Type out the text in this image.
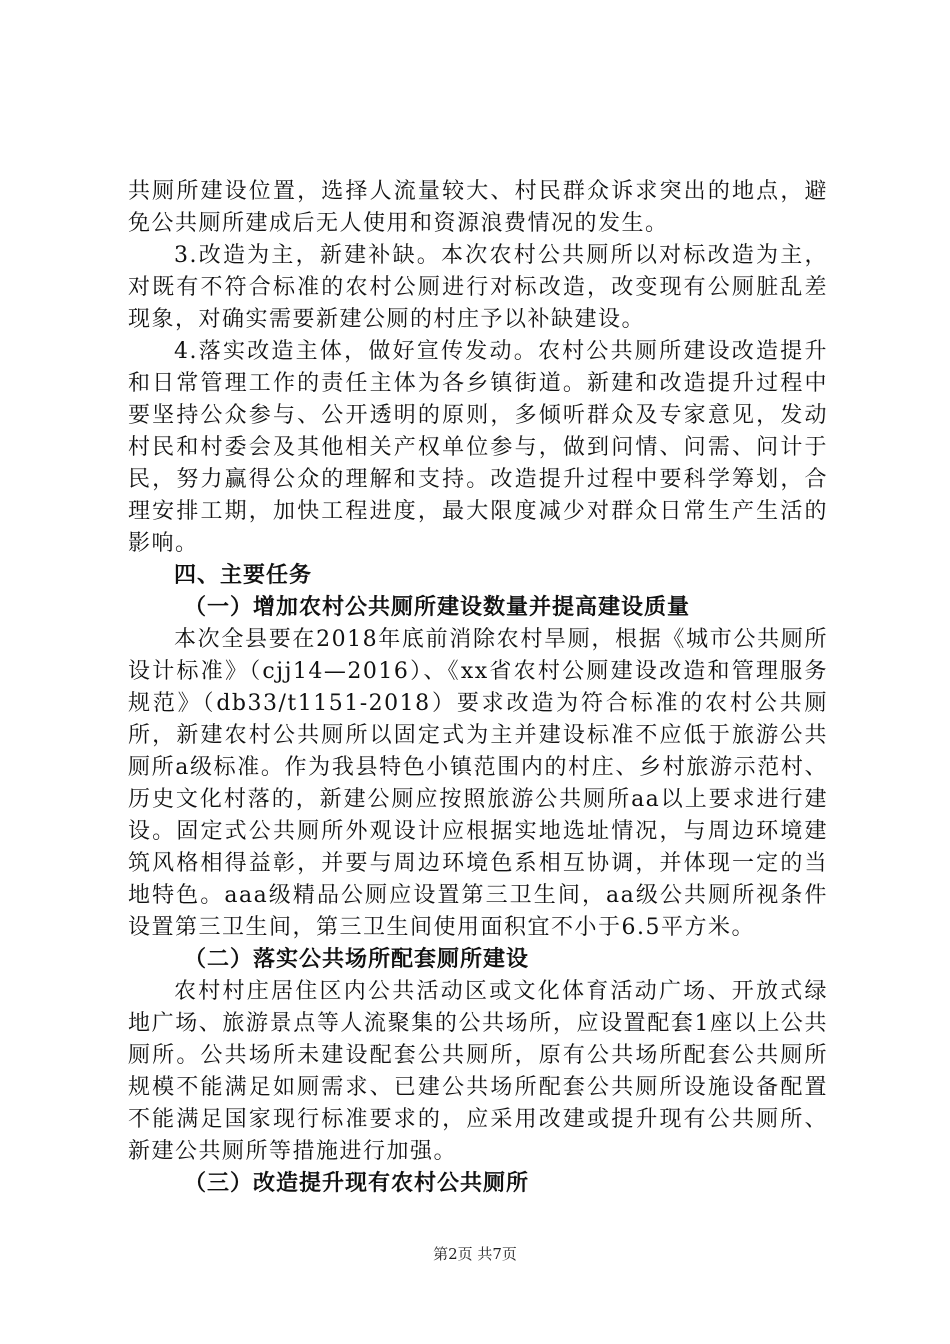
共厕所建设位置，选择人流量较大、村民群众诉求突出的地点，避免公共厕所建成后无人使用和资源浪费情况的发生。

3.改造为主，新建补缺。本次农村公共厕所以对标改造为主，对既有不符合标准的农村公厕进行对标改造，改变现有公厕脏乱差现象，对确实需要新建公厕的村庄予以补缺建设。

4.落实改造主体，做好宣传发动。农村公共厕所建设改造提升和日常管理工作的责任主体为各乡镇街道。新建和改造提升过程中要坚持公众参与、公开透明的原则，多倾听群众及专家意见，发动村民和村委会及其他相关产权单位参与，做到问情、问需、问计于民，努力赢得公众的理解和支持。改造提升过程中要科学筹划，合理安排工期，加快工程进度，最大限度减少对群众日常生产生活的影响。

四、主要任务

（一）增加农村公共厕所建设数量并提高建设质量

本次全县要在2018年底前消除农村旱厕，根据《城市公共厕所设计标准》（cjj14—2016）、《xx省农村公厕建设改造和管理服务规范》（db33/t1151-2018）要求改造为符合标准的农村公共厕所，新建农村公共厕所以固定式为主并建设标准不应低于旅游公共厕所a级标准。作为我县特色小镇范围内的村庄、乡村旅游示范村、历史文化村落的，新建公厕应按照旅游公共厕所aa以上要求进行建设。固定式公共厕所外观设计应根据实地选址情况，与周边环境建筑风格相得益彰，并要与周边环境色系相互协调，并体现一定的当地特色。aaa级精品公厕应设置第三卫生间，aa级公共厕所视条件设置第三卫生间，第三卫生间使用面积宜不小于6.5平方米。

（二）落实公共场所配套厕所建设

农村村庄居住区内公共活动区或文化体育活动广场、开放式绿地广场、旅游景点等人流聚集的公共场所，应设置配套1座以上公共厕所。公共场所未建设配套公共厕所，原有公共场所配套公共厕所规模不能满足如厕需求、已建公共场所配套公共厕所设施设备配置不能满足国家现行标准要求的，应采用改建或提升现有公共厕所、新建公共厕所等措施进行加强。

（三）改造提升现有农村公共厕所

第2页 共7页
